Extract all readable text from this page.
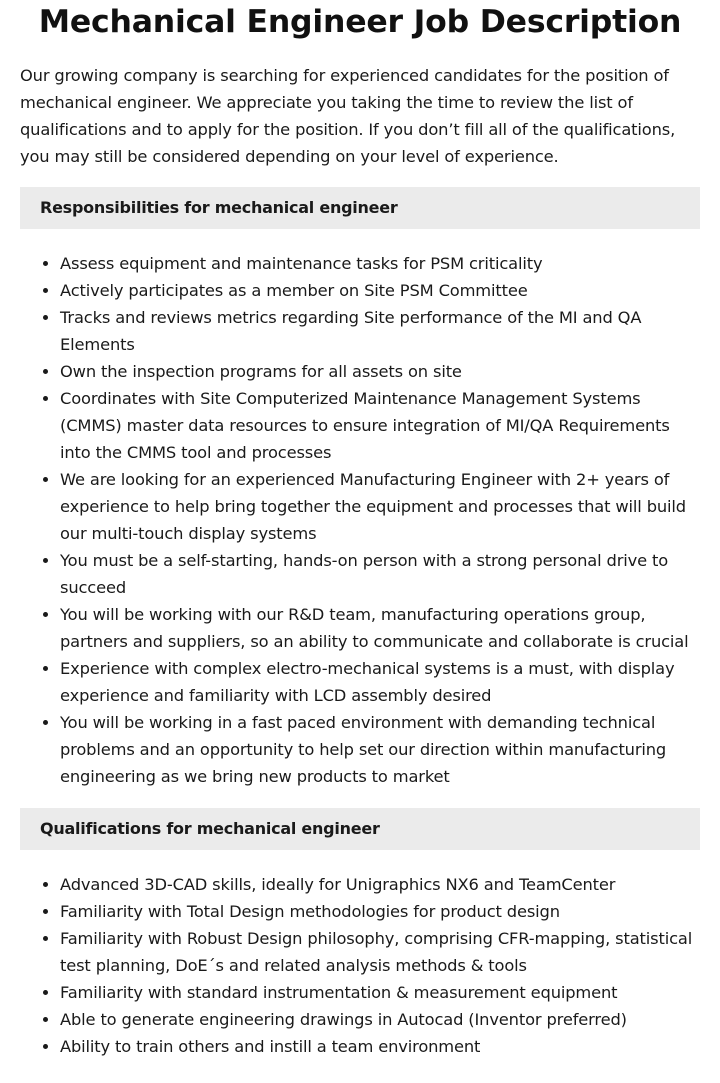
Mechanical Engineer Job Description

Our growing company is searching for experienced candidates for the position of mechanical engineer. We appreciate you taking the time to review the list of qualifications and to apply for the position. If you don’t fill all of the qualifications, you may still be considered depending on your level of experience.

Responsibilities for mechanical engineer
• Assess equipment and maintenance tasks for PSM criticality
• Actively participates as a member on Site PSM Committee
• Tracks and reviews metrics regarding Site performance of the MI and QA Elements
• Own the inspection programs for all assets on site
• Coordinates with Site Computerized Maintenance Management Systems (CMMS) master data resources to ensure integration of MI/QA Requirements into the CMMS tool and processes
• We are looking for an experienced Manufacturing Engineer with 2+ years of experience to help bring together the equipment and processes that will build our multi-touch display systems
• You must be a self-starting, hands-on person with a strong personal drive to succeed
• You will be working with our R&D team, manufacturing operations group, partners and suppliers, so an ability to communicate and collaborate is crucial
• Experience with complex electro-mechanical systems is a must, with display experience and familiarity with LCD assembly desired
• You will be working in a fast paced environment with demanding technical problems and an opportunity to help set our direction within manufacturing engineering as we bring new products to market
Qualifications for mechanical engineer
• Advanced 3D-CAD skills, ideally for Unigraphics NX6 and TeamCenter
• Familiarity with Total Design methodologies for product design
• Familiarity with Robust Design philosophy, comprising CFR-mapping, statistical test planning, DoE´s and related analysis methods & tools
• Familiarity with standard instrumentation & measurement equipment
• Able to generate engineering drawings in Autocad (Inventor preferred)
• Ability to train others and instill a team environment
